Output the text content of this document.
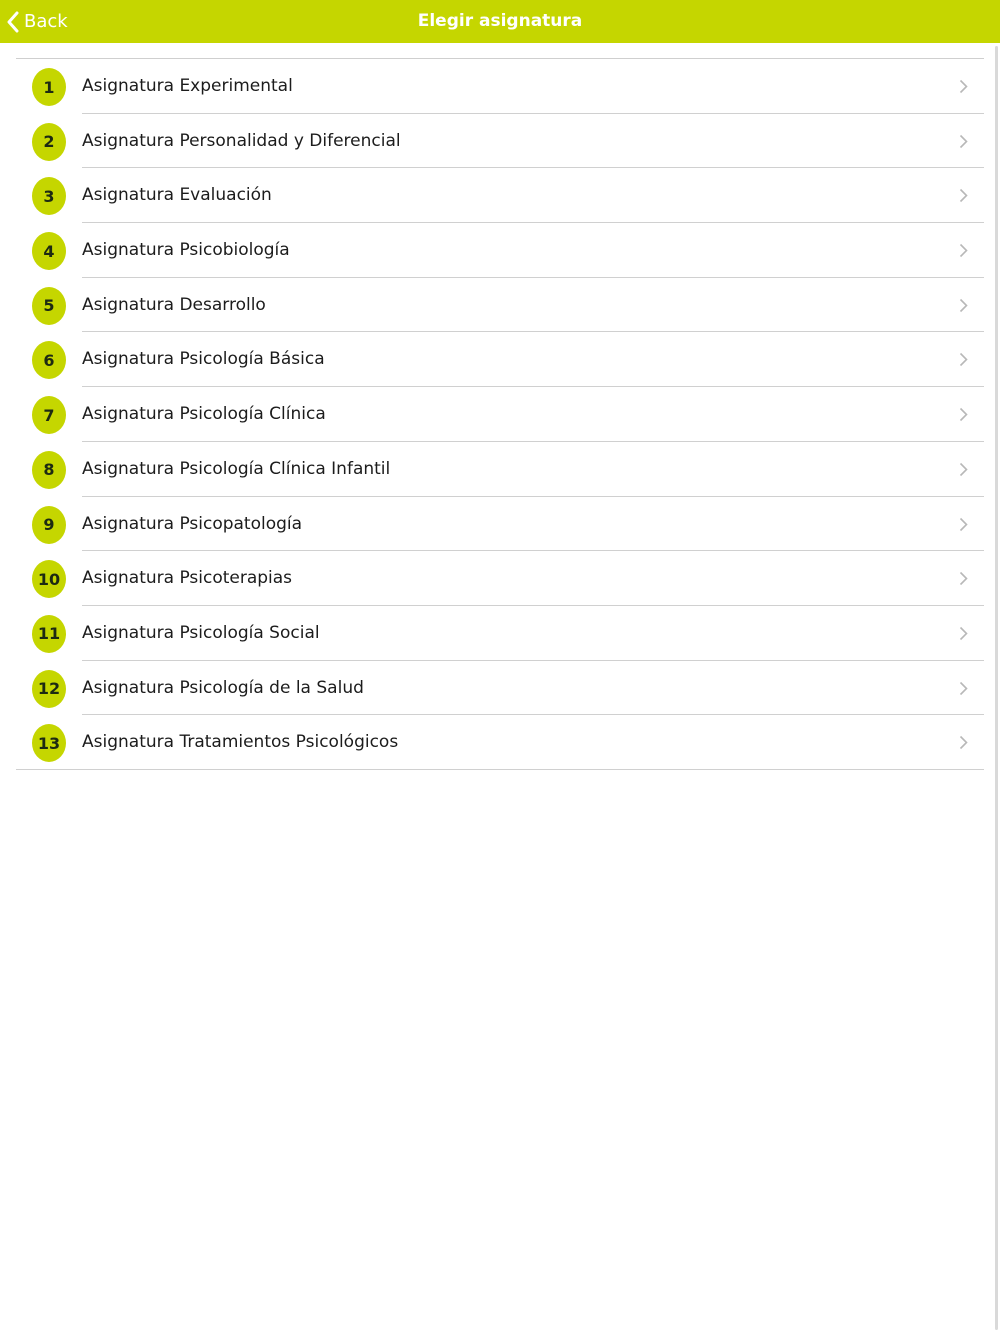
Back	Elegir asignatura
1	Asignatura Experimental
2	Asignatura Personalidad y Diferencial
3	Asignatura Evaluación
4	Asignatura Psicobiología
5	Asignatura Desarrollo
6	Asignatura Psicología Básica
7	Asignatura Psicología Clínica
8	Asignatura Psicología Clínica Infantil
9	Asignatura Psicopatología
10	Asignatura Psicoterapias
11	Asignatura Psicología Social
12	Asignatura Psicología de la Salud
13	Asignatura Tratamientos Psicológicos
